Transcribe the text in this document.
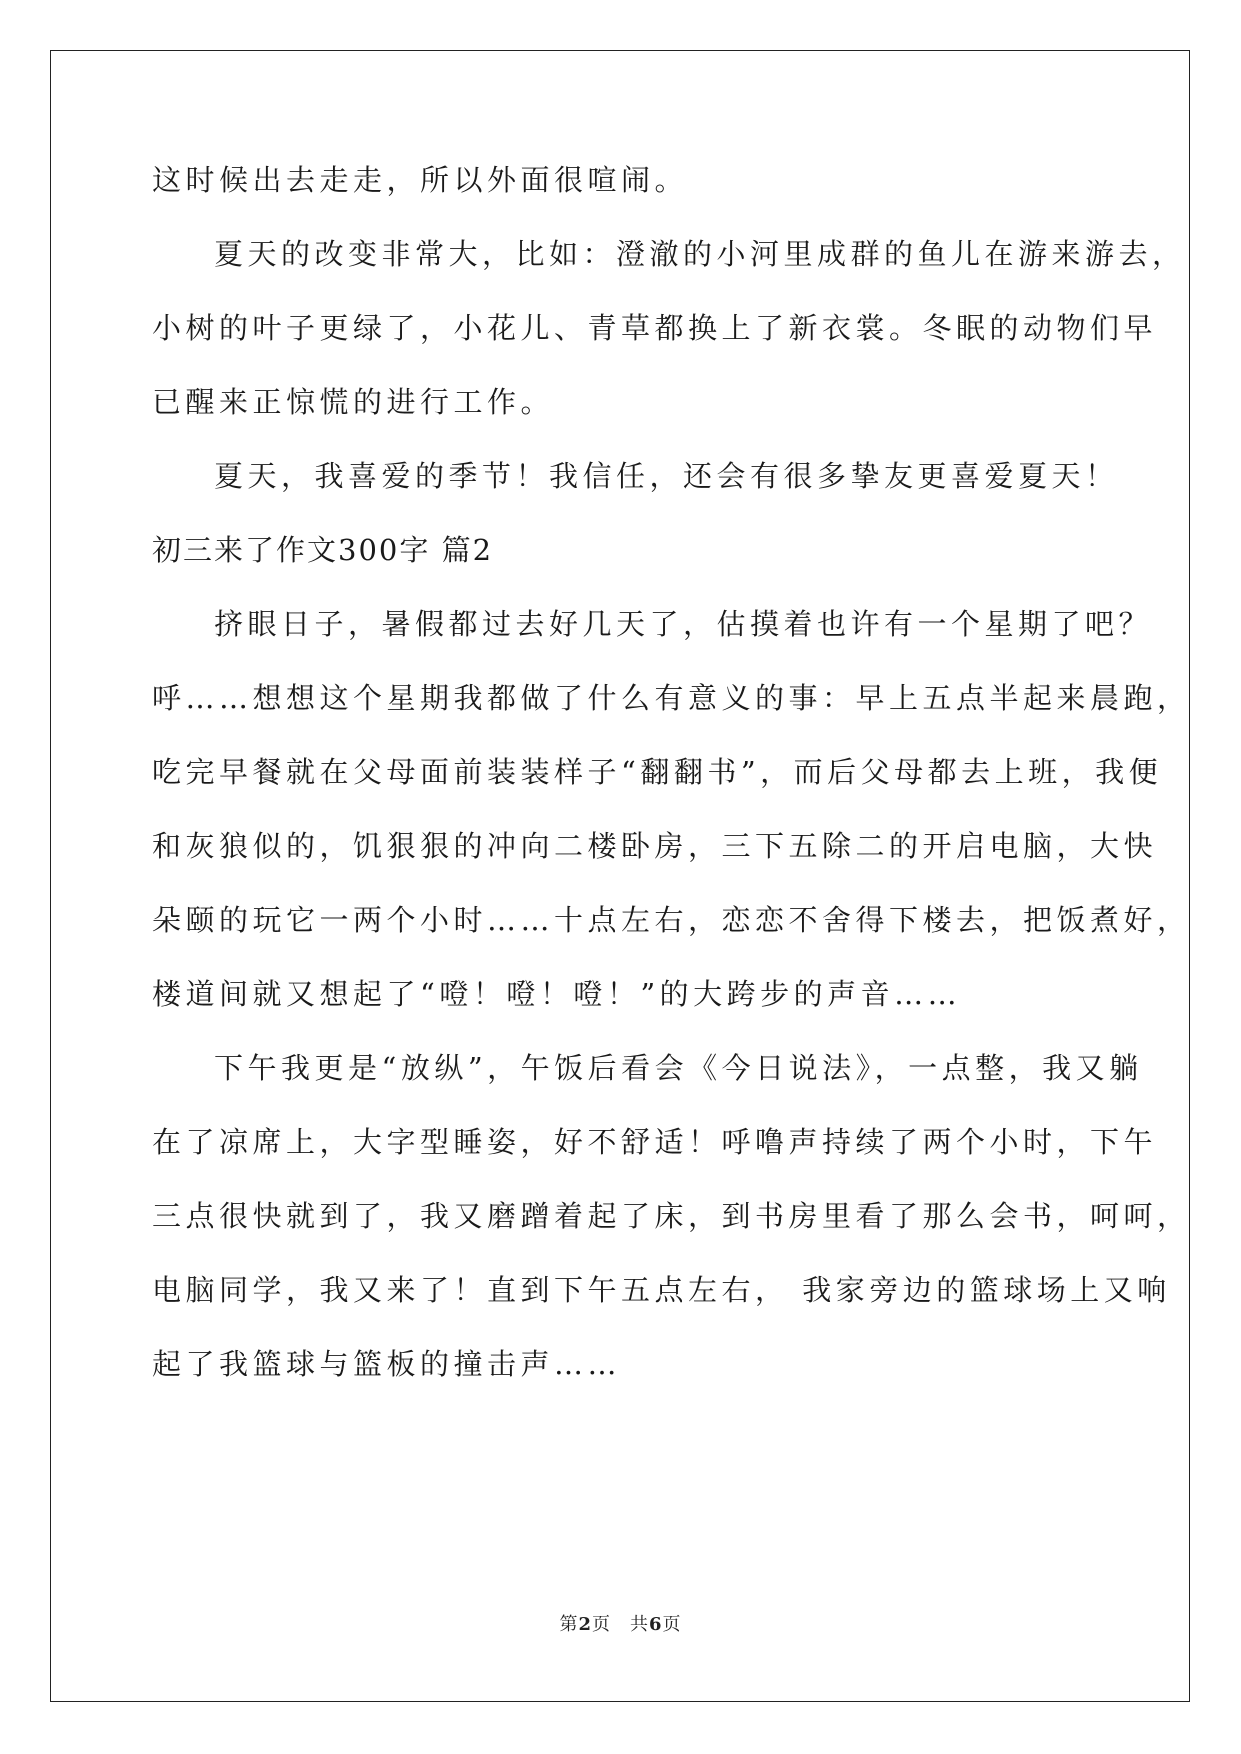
这时候出去走走，所以外面很喧闹。
夏天的改变非常大，比如：澄澈的小河里成群的鱼儿在游来游去，
小树的叶子更绿了，小花儿、青草都换上了新衣裳。冬眠的动物们早
已醒来正惊慌的进行工作。
夏天，我喜爱的季节！我信任，还会有很多挚友更喜爱夏天！
初三来了作文300字 篇2
挤眼日子，暑假都过去好几天了，估摸着也许有一个星期了吧？
呼……想想这个星期我都做了什么有意义的事：早上五点半起来晨跑，
吃完早餐就在父母面前装装样子“翻翻书”，而后父母都去上班，我便
和灰狼似的，饥狠狠的冲向二楼卧房，三下五除二的开启电脑，大快
朵颐的玩它一两个小时……十点左右，恋恋不舍得下楼去，把饭煮好，
楼道间就又想起了“噔！噔！噔！”的大跨步的声音……
下午我更是“放纵”，午饭后看会《今日说法》，一点整，我又躺
在了凉席上，大字型睡姿，好不舒适！呼噜声持续了两个小时，下午
三点很快就到了，我又磨蹭着起了床，到书房里看了那么会书，呵呵，
电脑同学，我又来了！直到下午五点左右， 我家旁边的篮球场上又响
起了我篮球与篮板的撞击声……
第2页　共6页
